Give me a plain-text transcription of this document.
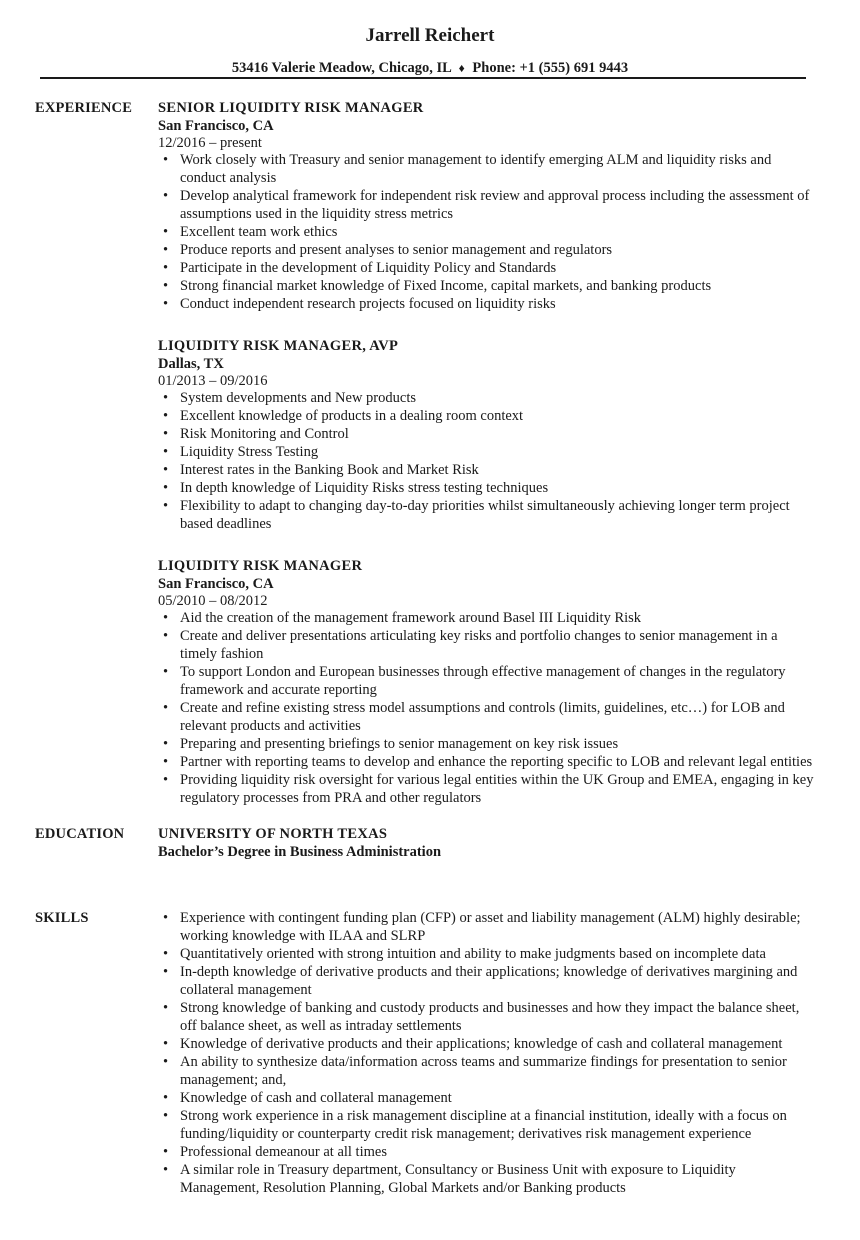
Jarrell Reichert
53416 Valerie Meadow, Chicago, IL ♦ Phone: +1 (555) 691 9443
EXPERIENCE SENIOR LIQUIDITY RISK MANAGER
San Francisco, CA
12/2016 – present
• Work closely with Treasury and senior management to identify emerging ALM and liquidity risks and conduct analysis
• Develop analytical framework for independent risk review and approval process including the assessment of assumptions used in the liquidity stress metrics
• Excellent team work ethics
• Produce reports and present analyses to senior management and regulators
• Participate in the development of Liquidity Policy and Standards
• Strong financial market knowledge of Fixed Income, capital markets, and banking products
• Conduct independent research projects focused on liquidity risks
LIQUIDITY RISK MANAGER, AVP
Dallas, TX
01/2013 – 09/2016
• System developments and New products
• Excellent knowledge of products in a dealing room context
• Risk Monitoring and Control
• Liquidity Stress Testing
• Interest rates in the Banking Book and Market Risk
• In depth knowledge of Liquidity Risks stress testing techniques
• Flexibility to adapt to changing day-to-day priorities whilst simultaneously achieving longer term project based deadlines
LIQUIDITY RISK MANAGER
San Francisco, CA
05/2010 – 08/2012
• Aid the creation of the management framework around Basel III Liquidity Risk
• Create and deliver presentations articulating key risks and portfolio changes to senior management in a timely fashion
• To support London and European businesses through effective management of changes in the regulatory framework and accurate reporting
• Create and refine existing stress model assumptions and controls (limits, guidelines, etc…) for LOB and relevant products and activities
• Preparing and presenting briefings to senior management on key risk issues
• Partner with reporting teams to develop and enhance the reporting specific to LOB and relevant legal entities
• Providing liquidity risk oversight for various legal entities within the UK Group and EMEA, engaging in key regulatory processes from PRA and other regulators
EDUCATION UNIVERSITY OF NORTH TEXAS
Bachelor’s Degree in Business Administration
SKILLS	• Experience with contingent funding plan (CFP) or asset and liability management (ALM) highly desirable; working knowledge with ILAA and SLRP
• Quantitatively oriented with strong intuition and ability to make judgments based on incomplete data
• In-depth knowledge of derivative products and their applications; knowledge of derivatives margining and collateral management
• Strong knowledge of banking and custody products and businesses and how they impact the balance sheet, off balance sheet, as well as intraday settlements
• Knowledge of derivative products and their applications; knowledge of cash and collateral management
• An ability to synthesize data/information across teams and summarize findings for presentation to senior management; and,
• Knowledge of cash and collateral management
• Strong work experience in a risk management discipline at a financial institution, ideally with a focus on funding/liquidity or counterparty credit risk management; derivatives risk management experience
• Professional demeanour at all times
• A similar role in Treasury department, Consultancy or Business Unit with exposure to Liquidity Management, Resolution Planning, Global Markets and/or Banking products
